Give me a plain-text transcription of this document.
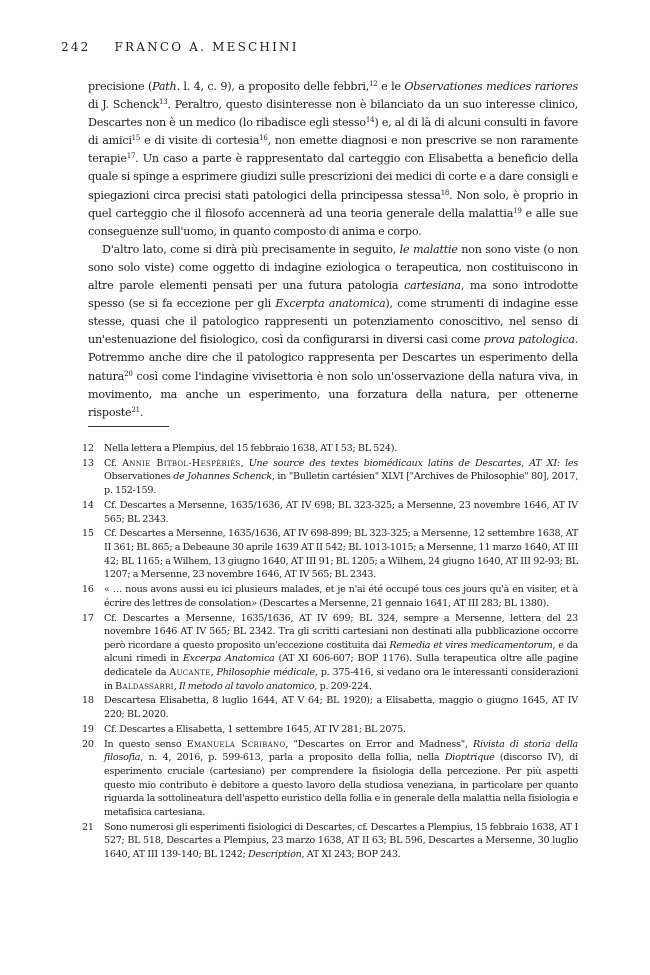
242 FRANCO A. MESCHINI

precisione (Path. l. 4, c. 9), a proposito delle febbri,$^{12}$ e le Observationes medices rariores di J. Schenck$^{13}$. Peraltro, questo disinteresse non è bilanciato da un suo interesse clinico, Descartes non è un medico (lo ribadisce egli stesso$^{14}$) e, al di là di alcuni consulti in favore di amici$^{15}$ e di visite di cortesia$^{16}$, non emette diagnosi e non prescrive se non raramente terapie$^{17}$. Un caso a parte è rappresentato dal carteggio con Elisabetta a beneficio della quale si spinge a esprimere giudizi sulle prescrizioni dei medici di corte e a dare consigli e spiegazioni circa precisi stati patologici della principessa stessa$^{18}$. Non solo, è proprio in quel carteggio che il filosofo accennerà ad una teoria generale della malattia$^{19}$ e alle sue conseguenze sull'uomo, in quanto composto di anima e corpo.

D'altro lato, come si dirà più precisamente in seguito, le malattie non sono viste (o non sono solo viste) come oggetto di indagine eziologica o terapeutica, non costituiscono in altre parole elementi pensati per una futura patologia cartesiana, ma sono introdotte spesso (se si fa eccezione per gli Excerpta anatomica), come strumenti di indagine esse stesse, quasi che il patologico rappresenti un potenziamento conoscitivo, nel senso di un'estenuazione del fisiologico, così da configurarsi in diversi casi come prova patologica. Potremmo anche dire che il patologico rappresenta per Descartes un esperimento della natura$^{20}$ così come l'indagine vivisettoria è non solo un'osservazione della natura viva, in movimento, ma anche un esperimento, una forzatura della natura, per ottenerne risposte$^{21}$.

12	Nella lettera a Plempius, del 15 febbraio 1638, AT I 53; BL 524).
13	Cf. Annie Bitbol-Hespériès, Une source des textes biomédicaux latins de Descartes, AT XI: les Observationes de Johannes Schenck, in "Bulletin cartésien" XLVI ["Archives de Philosophie" 80], 2017, p. 152-159.
14	Cf. Descartes a Mersenne, 1635/1636, AT IV 698; BL 323-325; a Mersenne, 23 novembre 1646, AT IV 565; BL 2343.
15	Cf. Descartes a Mersenne, 1635/1636, AT IV 698-899; BL 323-325; a Mersenne, 12 settembre 1638, AT II 361; BL 865; a Debeaune 30 aprile 1639 AT II 542; BL 1013-1015; a Mersenne, 11 marzo 1640, AT III 42; BL 1165; a Wilhem, 13 giugno 1640, AT III 91; BL 1205; a Wilhem, 24 giugno 1640, AT III 92-93; BL 1207; a Mersenne, 23 novembre 1646, AT IV 565; BL 2343.
16	« … nous avons aussi eu ici plusieurs malades, et je n'ai été occupé tous ces jours qu'à en visiter, et à écrire des lettres de consolation» (Descartes a Mersenne, 21 gennaio 1641, AT III 283; BL 1380).
17	Cf. Descartes a Mersenne, 1635/1636, AT IV 699; BL 324, sempre a Mersenne, lettera del 23 novembre 1646 AT IV 565; BL 2342. Tra gli scritti cartesiani non destinati alla pubblicazione occorre però ricordare a questo proposito un'eccezione costituita dai Remedia et vires medicamentorum, e da alcuni rimedi in Excerpa Anatomica (AT XI 606-607; BOP 1176). Sulla terapeutica oltre alle pagine dedicatele da Aucante, Philosophie médicale, p. 375-416, si vedano ora le interessanti considerazioni in Baldassarri, Il metodo al tavolo anatomico, p. 209-224.
18	Descartesa Elisabetta, 8 luglio 1644, AT V 64; BL 1920); a Elisabetta, maggio o giugno 1645, AT IV 220; BL 2020.
19	Cf. Descartes a Elisabetta, 1 settembre 1645, AT IV 281; BL 2075.
20	In questo senso Emanuela Scribano, "Descartes on Error and Madness", Rivista di storia della filosofia, n. 4, 2016, p. 599-613, parla a proposito della follia, nella Dioptrique (discorso IV), di esperimento cruciale (cartesiano) per comprendere la fisiologia della percezione. Per più aspetti questo mio contributo è debitore a questo lavoro della studiosa veneziana, in particolare per quanto riguarda la sottolineatura dell'aspetto euristico della follia e in generale della malattia nella fisiologia e metafisica cartesiana.
21	Sono numerosi gli esperimenti fisiologici di Descartes, cf. Descartes a Plempius, 15 febbraio 1638, AT I 527; BL 518, Descartes a Plempius, 23 marzo 1638, AT II 63; BL 596, Descartes a Mersenne, 30 luglio 1640, AT III 139-140; BL 1242; Description, AT XI 243; BOP 243.
